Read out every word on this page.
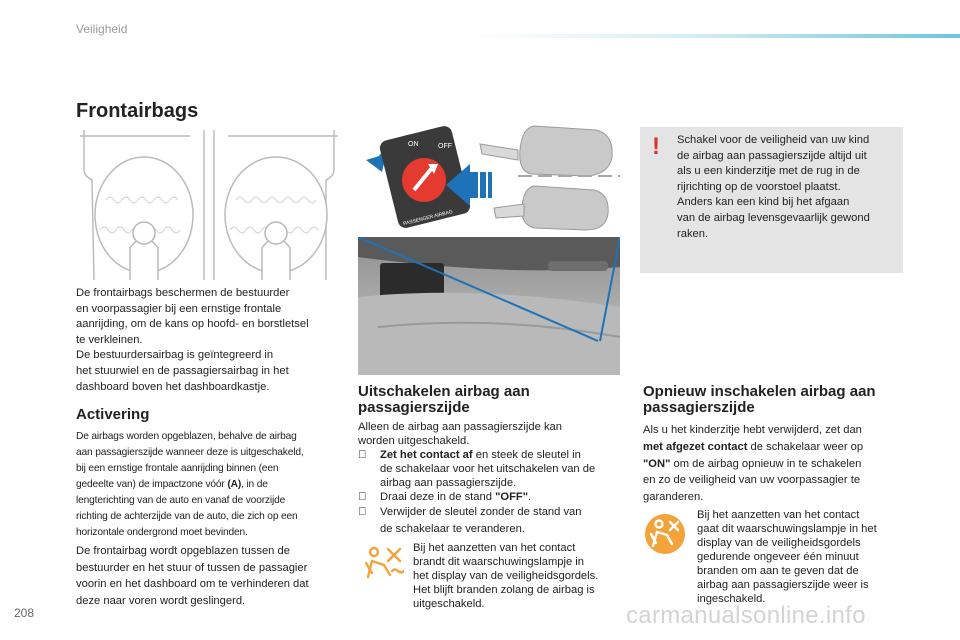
Veiligheid
Frontairbags

De frontairbags beschermen de bestuurder

en voorpassagier bij een ernstige frontale

aanrijding, om de kans op hoofd- en borstletsel

te verkleinen.

De bestuurdersairbag is geïntegreerd in

het stuurwiel en de passagiersairbag in het

dashboard boven het dashboardkastje.

Activering

De airbags worden opgeblazen, behalve de airbag

aan passagierszijde wanneer deze is uitgeschakeld,

bij een ernstige frontale aanrijding binnen (een

gedeelte van) de impactzone vóór (A), in de

lengterichting van de auto en vanaf de voorzijde

richting de achterzijde van de auto, die zich op een

horizontale ondergrond moet bevinden.

De frontairbag wordt opgeblazen tussen de

bestuurder en het stuur of tussen de passagier

voorin en het dashboard om te verhinderen dat

deze naar voren wordt geslingerd.

ON	OFF
PASSENGER AIRBAG
Uitschakelen airbag aan
passagierszijde

Alleen de airbag aan passagierszijde kan

worden uitgeschakeld.

Zet het contact af en steek de sleutel in
de schakelaar voor het uitschakelen van de
airbag aan passagierszijde.
Draai deze in de stand "OFF".
Verwijder de sleutel zonder de stand van
de schakelaar te veranderen.

Bij het aanzetten van het contact

brandt dit waarschuwingslampje in

het display van de veiligheidsgordels.

Het blijft branden zolang de airbag is

uitgeschakeld.

! Schakel voor de veiligheid van uw kind
de airbag aan passagierszijde altijd uit
als u een kinderzitje met de rug in de
rijrichting op de voorstoel plaatst.
Anders kan een kind bij het afgaan
van de airbag levensgevaarlijk gewond
raken.
Opnieuw inschakelen airbag aan
passagierszijde

Als u het kinderzitje hebt verwijderd, zet dan

met afgezet contact de schakelaar weer op

"ON" om de airbag opnieuw in te schakelen

en zo de veiligheid van uw voorpassagier te

garanderen.

Bij het aanzetten van het contact

gaat dit waarschuwingslampje in het

display van de veiligheidsgordels

gedurende ongeveer één minuut

branden om aan te geven dat de

airbag aan passagierszijde weer is

ingeschakeld.

208	carmanualsonline.info
